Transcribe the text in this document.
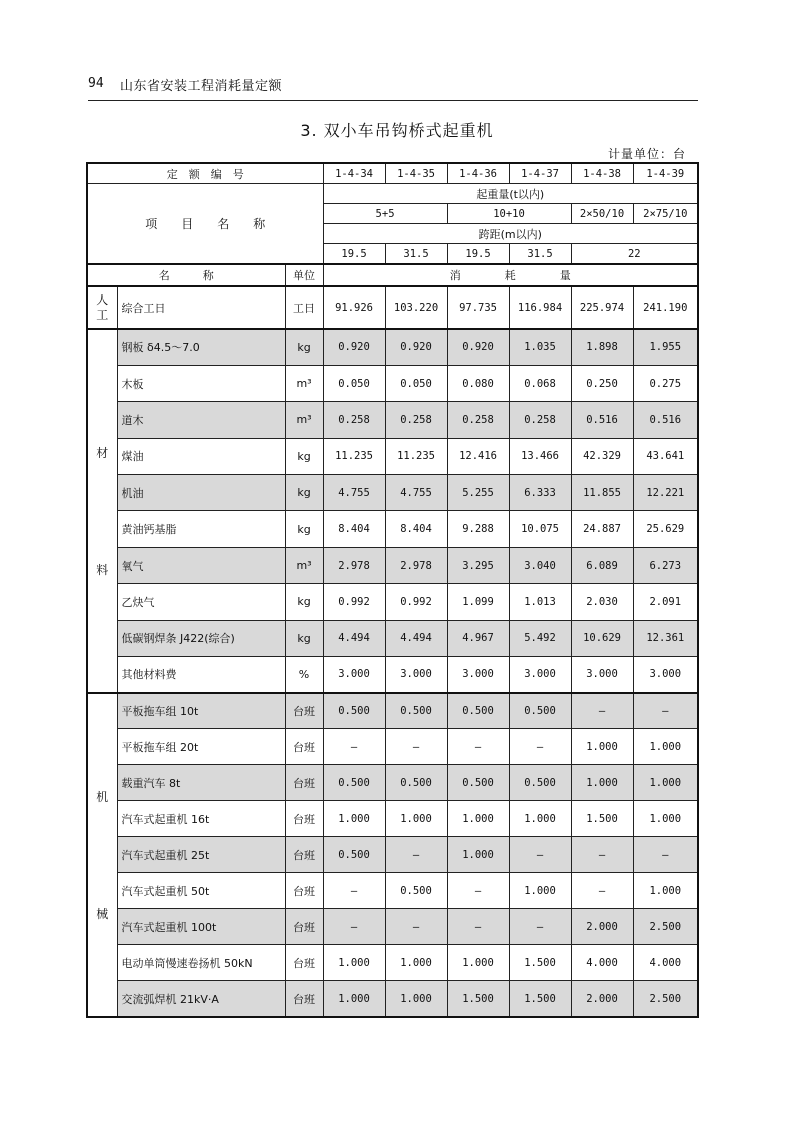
94 山东省安装工程消耗量定额
3. 双小车吊钩桥式起重机
计量单位：台
定　额　编　号			1-4-34	1-4-35	1-4-36	1-4-37	1-4-38	1-4-39
项　　目　　名　　称			起重量(t以内)					
			5+5		10+10		2×50/10	2×75/10
			跨距(m以内)					
			19.5	31.5	19.5	31.5	22	
名　　　称		单位	消　　　　耗　　　　量					

人
工	综合工日	工日	91.926	103.220	97.735	116.984	225.974	241.190

材
料	钢板 δ4.5～7.0	kg	0.920	0.920	0.920	1.035	1.898	1.955
	木板	m³	0.050	0.050	0.080	0.068	0.250	0.275
	道木	m³	0.258	0.258	0.258	0.258	0.516	0.516
	煤油	kg	11.235	11.235	12.416	13.466	42.329	43.641
	机油	kg	4.755	4.755	5.255	6.333	11.855	12.221
	黄油钙基脂	kg	8.404	8.404	9.288	10.075	24.887	25.629
	氧气	m³	2.978	2.978	3.295	3.040	6.089	6.273
	乙炔气	kg	0.992	0.992	1.099	1.013	2.030	2.091
	低碳钢焊条 J422(综合)	kg	4.494	4.494	4.967	5.492	10.629	12.361
	其他材料费	%	3.000	3.000	3.000	3.000	3.000	3.000

机
械	平板拖车组 10t	台班	0.500	0.500	0.500	0.500	—	—
	平板拖车组 20t	台班	—	—	—	—	1.000	1.000
	载重汽车 8t	台班	0.500	0.500	0.500	0.500	1.000	1.000
	汽车式起重机 16t	台班	1.000	1.000	1.000	1.000	1.500	1.000
	汽车式起重机 25t	台班	0.500	—	1.000	—	—	—
	汽车式起重机 50t	台班	—	0.500	—	1.000	—	1.000
	汽车式起重机 100t	台班	—	—	—	—	2.000	2.500
	电动单筒慢速卷扬机 50kN	台班	1.000	1.000	1.000	1.500	4.000	4.000
	交流弧焊机 21kV·A	台班	1.000	1.000	1.500	1.500	2.000	2.500
